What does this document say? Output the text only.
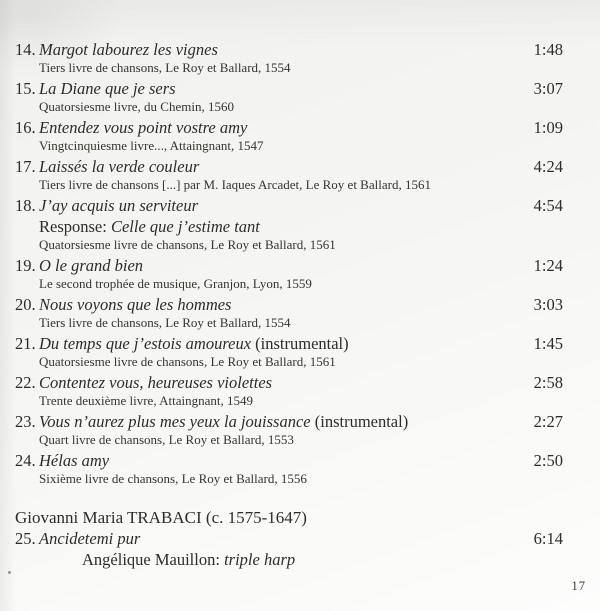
14. Margot labourez les vignes	1:48
Tiers livre de chansons, Le Roy et Ballard, 1554
15. La Diane que je sers	3:07
Quatorsiesme livre, du Chemin, 1560
16. Entendez vous point vostre amy	1:09
Vingtcinquiesme livre..., Attaingnant, 1547
17. Laissés la verde couleur	4:24
Tiers livre de chansons [...] par M. Iaques Arcadet, Le Roy et Ballard, 1561
18. J’ay acquis un serviteur	4:54
Response: Celle que j’estime tant
Quatorsiesme livre de chansons, Le Roy et Ballard, 1561
19. O le grand bien	1:24
Le second trophée de musique, Granjon, Lyon, 1559
20. Nous voyons que les hommes	3:03
Tiers livre de chansons, Le Roy et Ballard, 1554
21. Du temps que j’estois amoureux (instrumental)	1:45
Quatorsiesme livre de chansons, Le Roy et Ballard, 1561
22. Contentez vous, heureuses violettes	2:58
Trente deuxième livre, Attaingnant, 1549
23. Vous n’aurez plus mes yeux la jouissance (instrumental)	2:27
Quart livre de chansons, Le Roy et Ballard, 1553
24. Hélas amy	2:50
Sixième livre de chansons, Le Roy et Ballard, 1556
Giovanni Maria TRABACI (c. 1575-1647)
25. Ancidetemi pur	6:14
Angélique Mauillon: triple harp
17
